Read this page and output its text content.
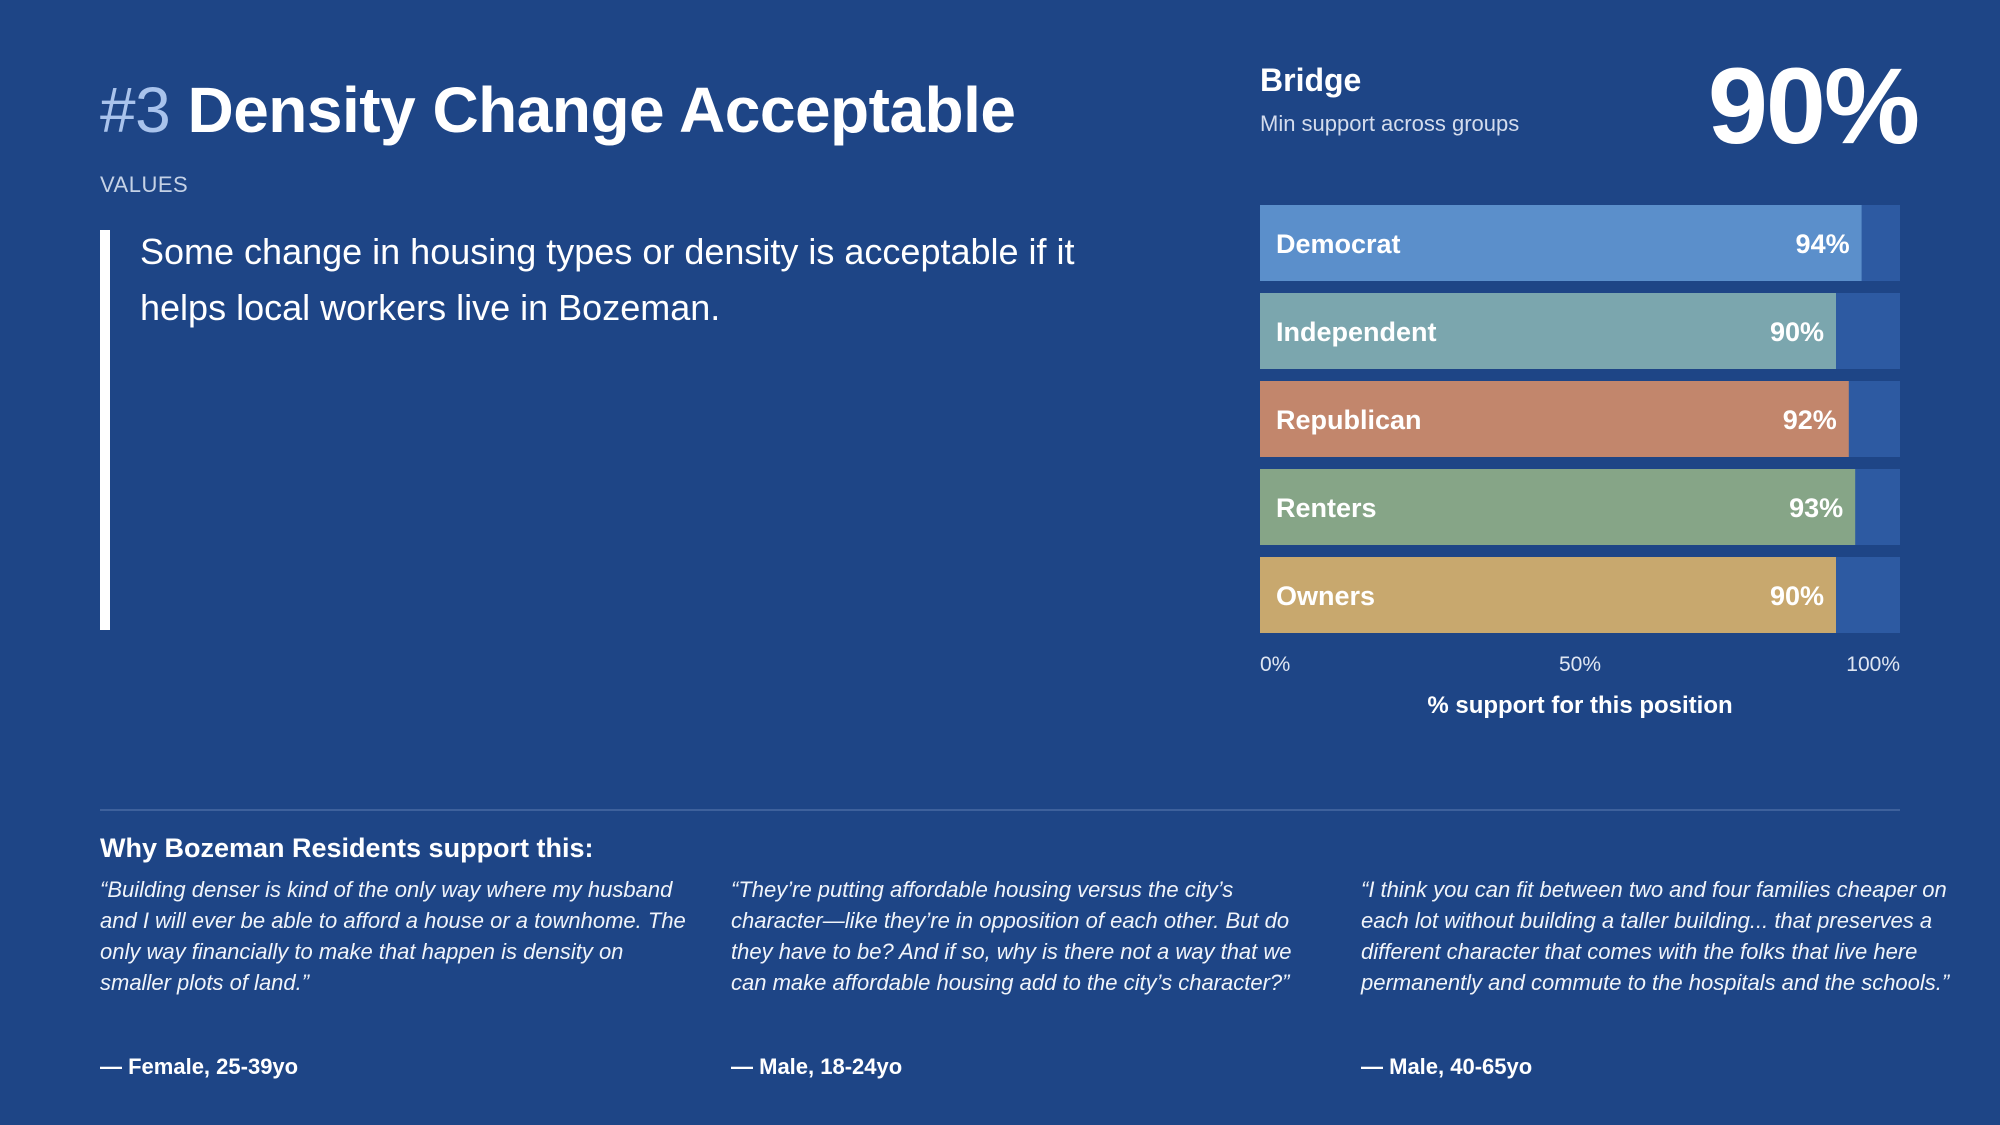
#3 Density Change Acceptable
VALUES
Some change in housing types or density is acceptable if it helps local workers live in Bozeman.
Bridge
Min support across groups 90%
Democrat	94%
Independent	90%
Republican	92%
Renters	93%
Owners	90%
0%	50%	100%
% support for this position
Why Bozeman Residents support this:
“Building denser is kind of the only way where my husband and I will ever be able to afford a house or a townhome. The only way financially to make that happen is density on smaller plots of land.”
— Female, 25-39yo
“They’re putting affordable housing versus the city’s character—like they’re in opposition of each other. But do they have to be? And if so, why is there not a way that we can make affordable housing add to the city’s character?”
— Male, 18-24yo
“I think you can fit between two and four families cheaper on each lot without building a taller building... that preserves a different character that comes with the folks that live here permanently and commute to the hospitals and the schools.”
— Male, 40-65yo
